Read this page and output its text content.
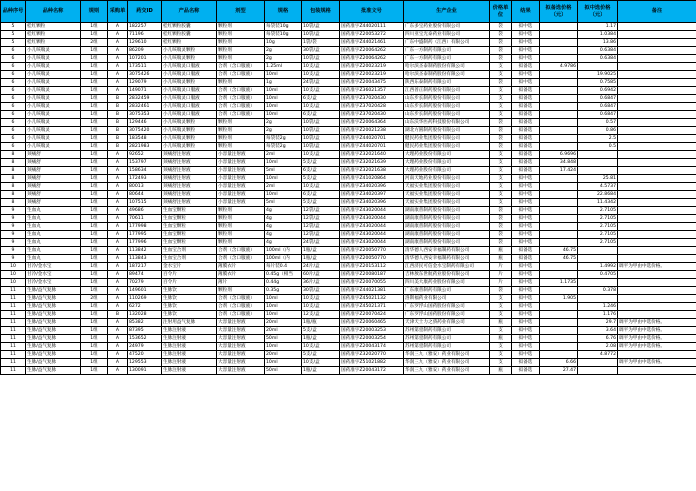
品种序号	品种名称	规则	采购单	药交ID	产品名称	剂型	规格	包装规格	批准文号	生产企业	价格单位	结果	拟备选价格（元）	拟中选价格（元）	备注
5	桂红颗粒	1组	A	182257	桂红颗粒胶囊	颗粒剂	每袋装10g	10袋/盒	国药准字Z44020111	广东多宝药业股份有限公司	袋	拟中选		1.17	
5	桂红颗粒	1组	A	71196	桂红颗粒胶囊	颗粒剂	每袋装10g	10袋/盒	国药准字Z20053272	四川亚宝光泰药业有限公司	袋	拟中选		1.0384	
5	桂红颗粒	2组	A	129610	桂红颗粒	颗粒剂	10g	1袋/袋	国药准字Z44021461	广东中盛制药（江西）有限公司	袋	拟中选		13.86	
6	小儿咳喘灵	1组	A	86209	小儿咳喘灵颗粒	颗粒剂	2g	30袋/盒	国药准字Z20064262	广东一方制药有限公司	袋	拟中选		0.6384	
6	小儿咳喘灵	1组	A	107201	小儿咳喘灵颗粒	颗粒剂	2g	10袋/盒	国药准字Z20064262	广东一方制药有限公司	袋	拟中选		0.6384	
6	小儿咳喘灵	1组	A	173511	小儿咳喘灵口服液	合剂（含口服液）	1.25ml	10支/盒	国药准字Z20023219	哈尔滨圣泰制药股份有限公司	支	拟备选	4.9786		
6	小儿咳喘灵	1组	A	3075426	小儿咳喘灵口服液	合剂（含口服液）	10ml	10支/盒	国药准字Z20023219	哈尔滨圣泰制药股份有限公司	支	拟中选		19.9025	
6	小儿咳喘灵	1组	A	129079	小儿咳喘灵颗粒	颗粒剂	1g	24袋/盒	国药准字Z20043475	陕西东泰制药有限公司	袋	拟中选		0.7585	
6	小儿咳喘灵	1组	A	149071	小儿咳喘灵口服液	合剂（含口服液）	10ml	10支/盒	国药准字Z36021357	江西普正制药股份有限公司	支	拟备选		0.6942	
6	小儿咳喘灵	1组	B	2832459	小儿咳喘灵口服液	合剂（含口服液）	10ml	6支/盒	国药准字Z37020430	山东步长制药股份有限公司	支	拟备选		0.6847	
6	小儿咳喘灵	1组	B	2832461	小儿咳喘灵口服液	合剂（含口服液）	10ml	10支/盒	国药准字Z37020428	山东步长制药股份有限公司	支	拟备选		0.6847	
6	小儿咳喘灵	1组	B	3075353	小儿咳喘灵口服液	合剂（含口服液）	10ml	6支/盒	国药准字Z37020430	山东步长制药股份有限公司	支	拟备选		0.6847	
6	小儿咳喘灵	1组	B	129446	小儿咳喘灵颗粒	颗粒剂	2g	10袋/盒	国药准字Z20064364	山东沃华医药科技股份有限公司	袋	拟备选		0.57	
6	小儿咳喘灵	1组	B	3075420	小儿咳喘灵颗粒	颗粒剂	2g	10袋/盒	国药准字Z20021238	湖北方圆制药股份有限公司	袋	拟备选		0.86	
6	小儿咳喘灵	1组	B	183548	小儿咳喘灵颗粒	颗粒剂	每袋装2g	10袋/盒	国药准字Z44020701	健民药业集团股份有限公司	袋	拟备选		2.5	
6	小儿咳喘灵	1组	B	2821983	小儿咳喘灵颗粒	颗粒剂	每袋装2g	10袋/盒	国药准字Z44020701	健民药业集团股份有限公司	袋	拟备选		0.5	
8	颈痛舒	1组	A	92652	颈痛舒注射液	小容量注射液	2ml	10支/盒	国药准字Z32021640	大理药业股份有限公司	支	拟备选	6.9696		
8	颈痛舒	1组	A	153797	颈痛舒注射液	小容量注射液	10ml	5支/盒	国药准字Z32021639	大理药业股份有限公司	支	拟备选	34.848		
8	颈痛舒	1组	A	158634	颈痛舒注射液	小容量注射液	5ml	6支/盒	国药准字Z32021638	大理药业股份有限公司	支	拟备选	17.424		
8	颈痛舒	1组	A	172493	颈痛舒注射液	小容量注射液	10ml	5支/盒	国药准字Z41020864	河南天地药业股份有限公司	支	拟中选		25.81	
8	颈痛舒	1组	A	80013	颈痛舒注射液	小容量注射液	2ml	10支/盒	国药准字Z34020396	天福实业集团股份有限公司	支	拟中选		4.5737	
8	颈痛舒	1组	A	80644	颈痛舒注射液	小容量注射液	10ml	6支/盒	国药准字Z34020397	天福实业集团股份有限公司	支	拟中选		22.8684	
8	颈痛舒	1组	A	107515	颈痛舒注射液	小容量注射液	5ml	5支/盒	国药准字Z34020396	天福实业集团股份有限公司	支	拟中选		11.4342	
9	生血丸	1组	A	49686	生血宝颗粒	颗粒剂	4g	12袋/盒	国药准字Z43020044	湖南康普制药股份有限公司	袋	拟中选		2.7105	
9	生血丸	1组	A	70611	生血宝颗粒	颗粒剂	4g	12袋/盒	国药准字Z43020044	湖南康普制药股份有限公司	袋	拟中选		2.7105	
9	生血丸	1组	A	177998	生血宝颗粒	颗粒剂	4g	12袋/盒	国药准字Z43020044	湖南康普制药股份有限公司	袋	拟中选		2.7105	
9	生血丸	1组	A	177995	生血宝颗粒	颗粒剂	4g	12袋/盒	国药准字Z43020044	湖南康普制药股份有限公司	袋	拟中选		2.7105	
9	生血丸	1组	A	177996	生血宝颗粒	颗粒剂	4g	24袋/盒	国药准字Z43020044	湖南康普制药股份有限公司	袋	拟中选		2.7105	
9	生血丸	1组	A	113842	生血宝合剂	合剂（含口服液）	100ml（内	1瓶/盒	国药准字Z20050770	清华德人西安幸福制药有限公司	瓶	拟备选	46.75		
9	生血丸	1组	A	113843	生血宝合剂	合剂（含口服液）	100ml（内	1瓶/盒	国药准字Z20050770	清华德人西安幸福制药有限公司	瓶	拟备选	46.75		
10	甘冷/金水宝	1组	A	187217	金水宝片	薄膜衣片	每片装0.4	24片/盒	国药准字Z20153112	江西济民可信金水宝制药有限公司	片	拟中选		1.4992	调平为甲由中选价格。
10	甘冷/金水宝	1组	A	89474	百令片	薄膜衣片	0.45g（相当	60片/盒	国药准字Z20080187	吉林敖东世航药业股份有限公司	片	拟中选		0.4705	
10	甘冷/金水宝	1组	A	70279	百令片	薄片	0.44g	36片/盒	国药准字Z20070055	四川美大康药业股份有限公司	片	拟中选	1.1735		
11	生脉/益气复脉	1组	A	149601	生脉饮	颗粒剂	0.35g	30袋/盒	国药准字Z44021381	广东康普制药有限公司	袋	拟中选		0.378	
11	生脉/益气复脉	2组	A	110269	生脉饮	合剂（含口服液）	10ml	10支/盒	国药准字Z45021132	洛斯福药业有限公司	支	拟中选	1.905		
11	生脉/益气复脉	1组	A	6272	生脉饮	合剂（含口服液）	10ml	10支/盒	国药准字Z45021371	广东罗浮山国药股份有限公司	支	拟中选		1.246	
11	生脉/益气复脉	1组	B	132028	生脉饮	合剂（含口服液）	10ml	12支/盒	国药准字Z20070424	广东罗浮山国药股份有限公司	支	拟中选		1.176	
11	生脉/益气复脉	1组	A	85382	注射用益气复脉	大容量注射液	20ml	1瓶/瓶	国药准字Z20060465	天津天士力之骄药业有限公司	瓶	拟中选		29.7	调平为甲由中选价格。
11	生脉/益气复脉	1组	A	87395	生脉注射液	大容量注射液	20ml	5支/盒	国药准字Z20003253	苏州第壹制药有限公司	支	拟中选		3.64	调平为甲由中选价格。
11	生脉/益气复脉	1组	A	153652	生脉注射液	大容量注射液	50ml	1瓶/盒	国药准字Z20003254	苏州第壹制药有限公司	瓶	拟中选		6.76	调平为甲由中选价格。
11	生脉/益气复脉	1组	A	24979	生脉注射液	大容量注射液	10ml	10支/盒	国药准字Z20043174	苏州第壹制药有限公司	支	拟中选		2.08	调平为甲由中选价格。
11	生脉/益气复脉	1组	A	47520	生脉注射液	大容量注射液	20ml	5支/盒	国药准字Z32020770	华润三九（雅安）药业有限公司	支	拟中选		4.8772	
11	生脉/益气复脉	1组	A	129553	生脉注射液	大容量注射液	10ml	10支/盒	国药准字Z51021882	华润三九（雅安）药业有限公司	支	拟备选	6.66		调平为甲由中选价格。
11	生脉/益气复脉	1组	A	130091	生脉注射液	大容量注射液	50ml	1瓶/盒	国药准字Z20043172	华润三九（雅安）药业有限公司	瓶	拟备选	27.47		
